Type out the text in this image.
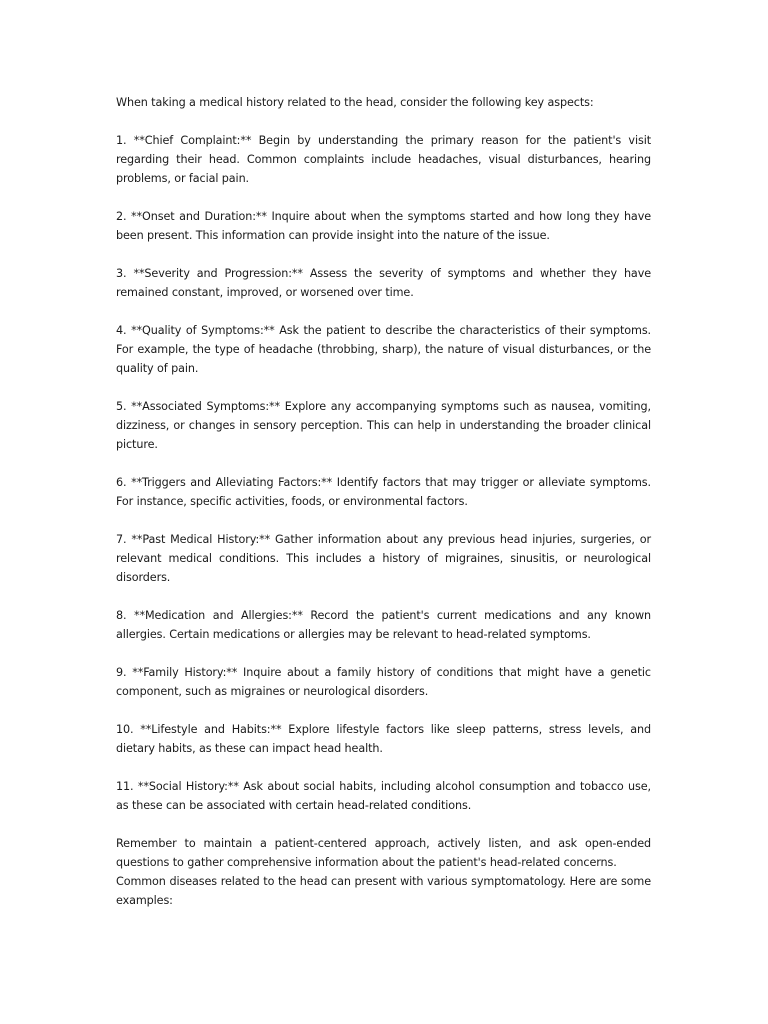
When taking a medical history related to the head, consider the following key aspects:

1. **Chief Complaint:** Begin by understanding the primary reason for the patient's visit regarding their head. Common complaints include headaches, visual disturbances, hearing problems, or facial pain.

2. **Onset and Duration:** Inquire about when the symptoms started and how long they have been present. This information can provide insight into the nature of the issue.

3. **Severity and Progression:** Assess the severity of symptoms and whether they have remained constant, improved, or worsened over time.

4. **Quality of Symptoms:** Ask the patient to describe the characteristics of their symptoms. For example, the type of headache (throbbing, sharp), the nature of visual disturbances, or the quality of pain.

5. **Associated Symptoms:** Explore any accompanying symptoms such as nausea, vomiting, dizziness, or changes in sensory perception. This can help in understanding the broader clinical picture.

6. **Triggers and Alleviating Factors:** Identify factors that may trigger or alleviate symptoms. For instance, specific activities, foods, or environmental factors.

7. **Past Medical History:** Gather information about any previous head injuries, surgeries, or relevant medical conditions. This includes a history of migraines, sinusitis, or neurological disorders.

8. **Medication and Allergies:** Record the patient's current medications and any known allergies. Certain medications or allergies may be relevant to head-related symptoms.

9. **Family History:** Inquire about a family history of conditions that might have a genetic component, such as migraines or neurological disorders.

10. **Lifestyle and Habits:** Explore lifestyle factors like sleep patterns, stress levels, and dietary habits, as these can impact head health.

11. **Social History:** Ask about social habits, including alcohol consumption and tobacco use, as these can be associated with certain head-related conditions.

Remember to maintain a patient-centered approach, actively listen, and ask open-ended questions to gather comprehensive information about the patient's head-related concerns.

Common diseases related to the head can present with various symptomatology. Here are some examples:
